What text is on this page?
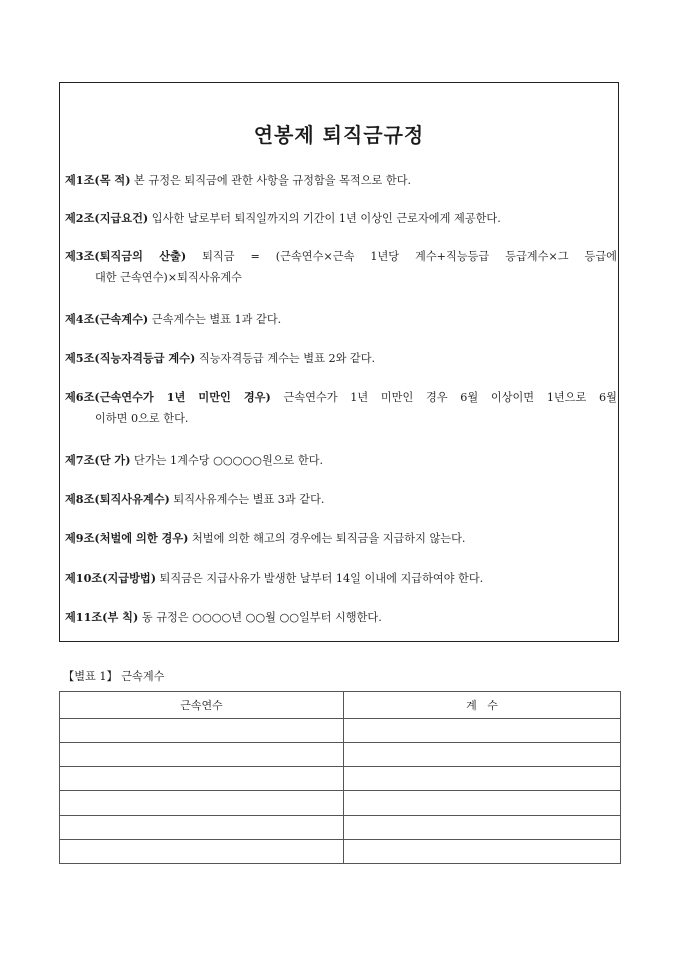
연봉제 퇴직금규정
제1조(목 적) 본 규정은 퇴직금에 관한 사항을 규정함을 목적으로 한다.
제2조(지급요건) 입사한 날로부터 퇴직일까지의 기간이 1년 이상인 근로자에게 제공한다.
제3조(퇴직금의 산출) 퇴직금 = (근속연수×근속 1년당 계수+직능등급 등급계수×그 등급에
대한 근속연수)×퇴직사유계수
제4조(근속계수) 근속계수는 별표 1과 같다.
제5조(직능자격등급 계수) 직능자격등급 계수는 별표 2와 같다.
제6조(근속연수가 1년 미만인 경우) 근속연수가 1년 미만인 경우 6월 이상이면 1년으로 6월
이하면 0으로 한다.
제7조(단 가) 단가는 1계수당 ○○○○○원으로 한다.
제8조(퇴직사유계수) 퇴직사유계수는 별표 3과 같다.
제9조(처벌에 의한 경우) 처벌에 의한 해고의 경우에는 퇴직금을 지급하지 않는다.
제10조(지급방법) 퇴직금은 지급사유가 발생한 날부터 14일 이내에 지급하여야 한다.
제11조(부 칙) 동 규정은 ○○○○년 ○○월 ○○일부터 시행한다.
【별표 1】 근속계수
근속연수	계   수
